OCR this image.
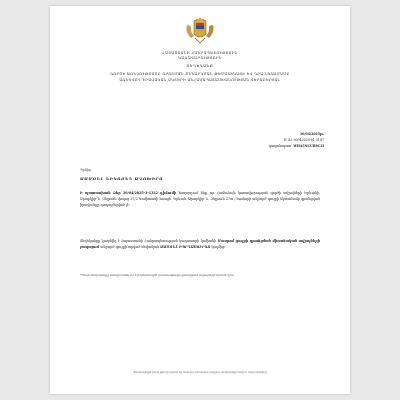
ՀԱՅԱՍՏԱՆԻ ՀԱՆՐԱՊԵՏՈՒԹՅՈՒՆ
ԿԱՌԱՎԱՐՈՒԹՅՈՒՆ
ՏԵՂԵԿԱՆՔ
ԳՈՐԾԻ ԱՌՆՉՈՒԹՅԱՄԲ ՈՐՈՇՄԱՆ ՔՆՆԱՐԿՄԱՆ ԹԵՄԱՏԻԿԱՅԻ ԵՎ ԴՐԱ ՆԿԱՏՄԱՄԲ
ԱՌՆՉՎՈՂ ԻՐԱՎԱԿԱՆ ԱԿՏԵՐԻ ԱՆՀԱՄԱՊԱՏԱՍԽԱՆՈՒԹՅԱՆ ՎԵՐԱԲԵՐՅԱԼ
30/04/2025թ.
N ՍՀ-30042025-01-3187
գաղտնաբառ՝ WHA5NCUB9C2I
Պրնիր
ԱԱՄՈՆԼ ՆԻԿՈՅՆՆ ԱԴՈԽԻՐՈ
Ի պատասխան Ձեր 30/04/2025-3-1332 դիմումի հաղորդում ենք, որ Համաձայն կառավարության գործի տվյալների Երևանի, Արաբկիր Ն. Զեյթուն փողոց 37/2 Կոմիտասի հասցե՝ Երևան, Արաբկիր Ն. Զեյթուն 37ա / համարի անշարժ գույքի նկատմամբ գրանցված իրավունքը դադարեցված չէ:
Տեղեկանքը կազմվել է Հայաստանի Հանրապետության կադաստրի կոմիտեի Մասրոմ գույքի գրանցման միասնական տվյալների բազայում անշարժ գույքի տրված սեփական ԱԱՄՈՆԼ ԻՊՐԴԱՍՈՒՐԳՈ կողմից:
*Սույն տեղեկանքը հանդիսանում է Էլեկտրոնային փաստաթուղթ գրանցված տվյալների հիման վրա
Փաստաթղթի իսկությունը կարող եք ստուգել պետական կայքում տեղեկանքի տողի և կոդի միջոցով
